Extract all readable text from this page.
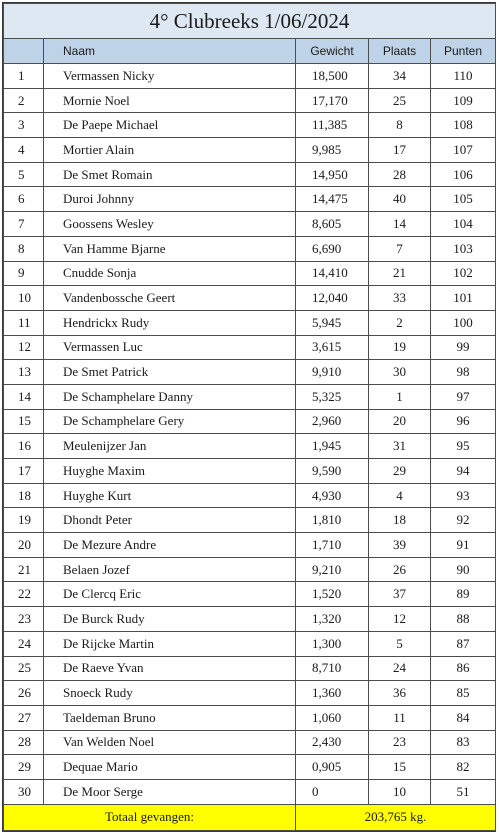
4° Clubreeks 1/06/2024				
	Naam	Gewicht	Plaats	Punten
1	Vermassen Nicky	18,500	34	110
2	Mornie Noel	17,170	25	109
3	De Paepe Michael	11,385	8	108
4	Mortier Alain	9,985	17	107
5	De Smet Romain	14,950	28	106
6	Duroi Johnny	14,475	40	105
7	Goossens Wesley	8,605	14	104
8	Van Hamme Bjarne	6,690	7	103
9	Cnudde Sonja	14,410	21	102
10	Vandenbossche Geert	12,040	33	101
11	Hendrickx Rudy	5,945	2	100
12	Vermassen Luc	3,615	19	99
13	De Smet Patrick	9,910	30	98
14	De Schamphelare Danny	5,325	1	97
15	De Schamphelare Gery	2,960	20	96
16	Meulenijzer Jan	1,945	31	95
17	Huyghe Maxim	9,590	29	94
18	Huyghe Kurt	4,930	4	93
19	Dhondt Peter	1,810	18	92
20	De Mezure Andre	1,710	39	91
21	Belaen Jozef	9,210	26	90
22	De Clercq Eric	1,520	37	89
23	De Burck Rudy	1,320	12	88
24	De Rijcke Martin	1,300	5	87
25	De Raeve Yvan	8,710	24	86
26	Snoeck Rudy	1,360	36	85
27	Taeldeman Bruno	1,060	11	84
28	Van Welden Noel	2,430	23	83
29	Dequae Mario	0,905	15	82
30	De Moor Serge	0	10	51
Totaal gevangen:		203,765 kg.		
